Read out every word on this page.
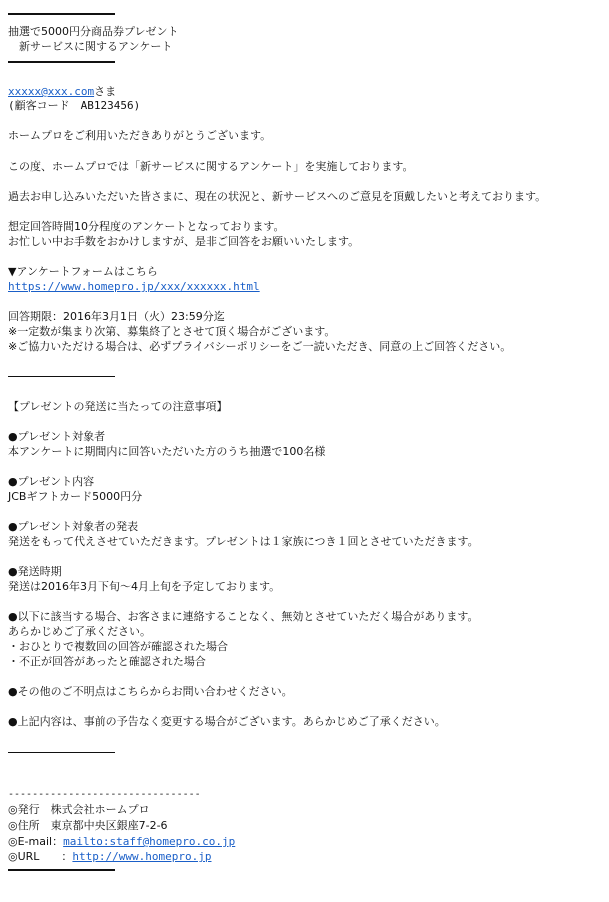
抽選で5000円分商品券プレゼント
　新サービスに関するアンケート
xxxxx@xxx.comさま
(顧客コード　AB123456)
ホームプロをご利用いただきありがとうございます。
この度、ホームプロでは「新サービスに関するアンケート」を実施しております。
過去お申し込みいただいた皆さまに、現在の状況と、新サービスへのご意見を頂戴したいと考えております。
想定回答時間10分程度のアンケートとなっております。
お忙しい中お手数をおかけしますが、是非ご回答をお願いいたします。
▼アンケートフォームはこちら
https://www.homepro.jp/xxx/xxxxxx.html
回答期限：2016年3月1日（火）23:59分迄
※一定数が集まり次第、募集終了とさせて頂く場合がございます。
※ご協力いただける場合は、必ずプライバシーポリシーをご一読いただき、同意の上ご回答ください。
【プレゼントの発送に当たっての注意事項】
●プレゼント対象者
本アンケートに期間内に回答いただいた方のうち抽選で100名様
●プレゼント内容
JCBギフトカード5000円分
●プレゼント対象者の発表
発送をもって代えさせていただきます。プレゼントは１家族につき１回とさせていただきます。
●発送時期
発送は2016年3月下旬〜4月上旬を予定しております。
●以下に該当する場合、お客さまに連絡することなく、無効とさせていただく場合があります。
あらかじめご了承ください。
・おひとりで複数回の回答が確認された場合
・不正が回答があったと確認された場合
●その他のご不明点はこちらからお問い合わせください。
●上記内容は、事前の予告なく変更する場合がございます。あらかじめご了承ください。
--------------------------------
◎発行　株式会社ホームプロ
◎住所　東京都中央区銀座7-2-6
◎E-mail：mailto:staff@homepro.co.jp
◎URL　　：http://www.homepro.jp
